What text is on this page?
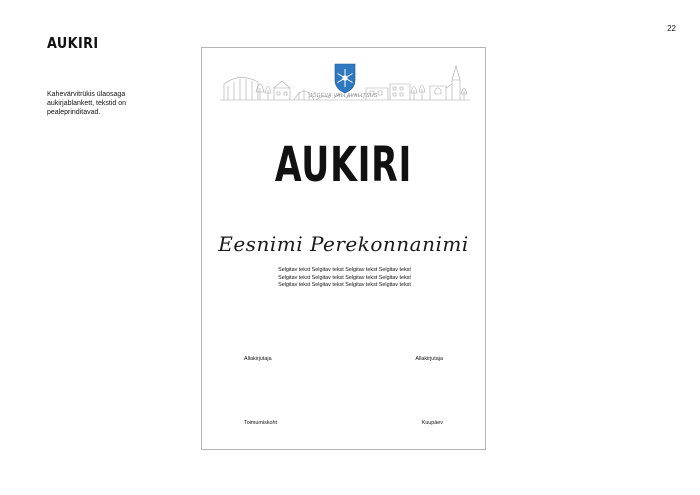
22
AUKIRI
Kahevärvitrükis ülaosaga aukirjablankett, tekstid on pealeprinditavad.
JÕGEVA VALLAVALITSUS
AUKIRI
Eesnimi Perekonnanimi
Selgitav tekst Selgitav tekst Selgitav tekst Selgitav tekst
Selgitav tekst Selgitav tekst Selgitav tekst Selgitav tekst
Selgitav tekst Selgitav tekst Selgitav tekst Selgitav tekst
Allakirjutaja	Allakirjutaja
Toimumiskoht	Kuupäev
